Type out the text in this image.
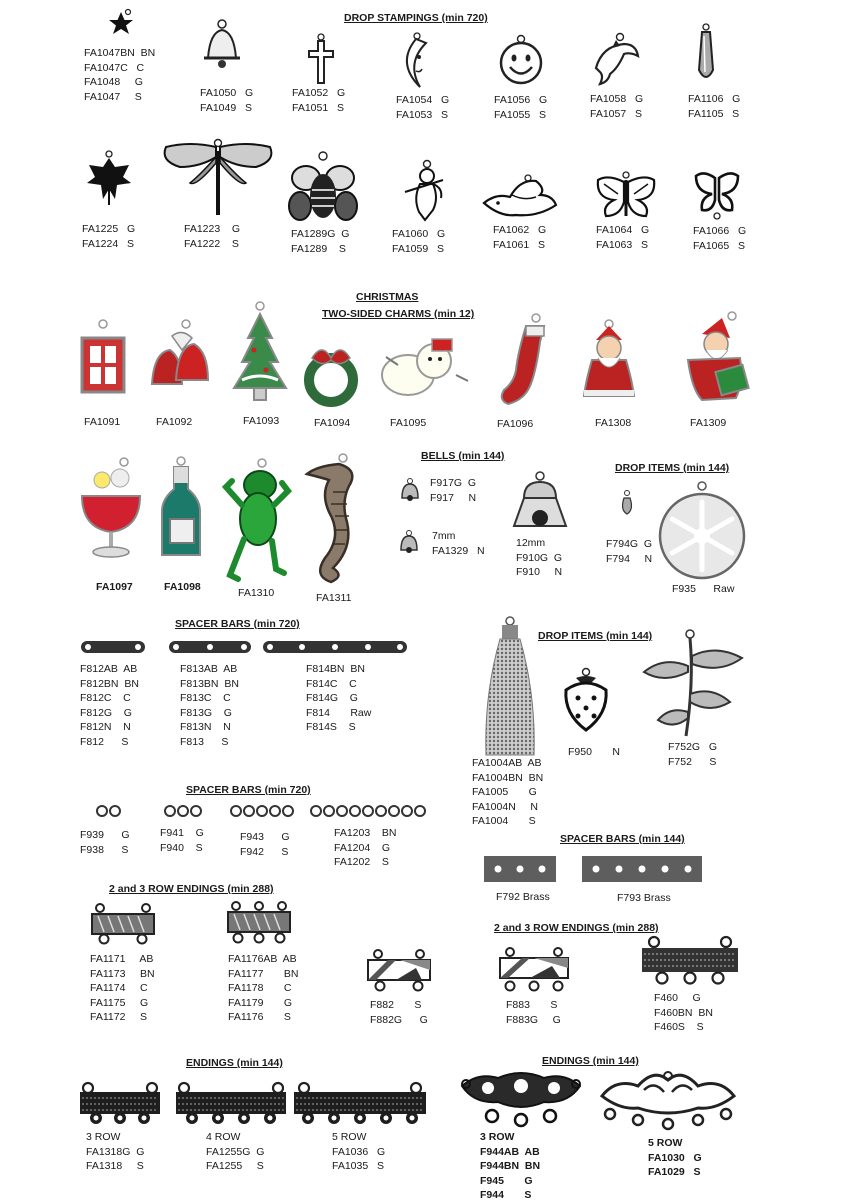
DROP STAMPINGS (min 720)
CHRISTMAS
TWO-SIDED CHARMS (min 12)
BELLS (min 144)
DROP ITEMS (min 144)
SPACER BARS (min 720)
DROP ITEMS (min 144)
SPACER BARS (min 720)
SPACER BARS (min 144)
2 and 3 ROW ENDINGS (min 288)
2 and 3 ROW ENDINGS (min 288)
ENDINGS (min 144)	ENDINGS (min 144)
FA1047BN  BN
FA1047C   C
FA1048     G
FA1047     S	FA1050   G
FA1049   S
FA1052   G
FA1051   S
FA1054   G
FA1053   S
FA1056   G
FA1055   S
FA1058   G
FA1057   S
FA1106   G
FA1105   S
FA1225   G
FA1224   S
FA1223    G
FA1222    S
FA1289G  G
FA1289    S
FA1060   G
FA1059   S
FA1062   G
FA1061   S
FA1064   G
FA1063   S
FA1066   G
FA1065   S
FA1091	FA1092	FA1093	FA1094	FA1095	FA1096	FA1308	FA1309
FA1097	FA1098	FA1310	FA1311
F917G  G
F917     N
7mm
FA1329   N
12mm
F910G  G
F910     N
F794G  G
F794     N
F935      Raw
F812AB  AB
F812BN  BN
F812C    C
F812G    G
F812N    N
F812      S
F813AB  AB
F813BN  BN
F813C    C
F813G    G
F813N    N
F813      S
F814BN  BN
F814C    C
F814G    G
F814       Raw
F814S    S
FA1004AB  AB
FA1004BN  BN
FA1005       G
FA1004N     N
FA1004       S
F950       N	F752G   G
F752      S
F939      G
F938      S
F941    G
F940    S
F943      G
F942      S
FA1203    BN
FA1204    G
FA1202    S
F792 Brass	F793 Brass
FA1171     AB
FA1173     BN
FA1174     C
FA1175     G
FA1172     S
FA1176AB  AB
FA1177       BN
FA1178       C
FA1179       G
FA1176       S
F882       S
F882G      G
F883       S
F883G     G
F460     G
F460BN  BN
F460S    S
3 ROW
FA1318G  G
FA1318     S
4 ROW
FA1255G  G
FA1255     S
5 ROW
FA1036   G
FA1035   S
3 ROW
F944AB  AB
F944BN  BN
F945       G
F944       S
5 ROW
FA1030   G
FA1029   S
